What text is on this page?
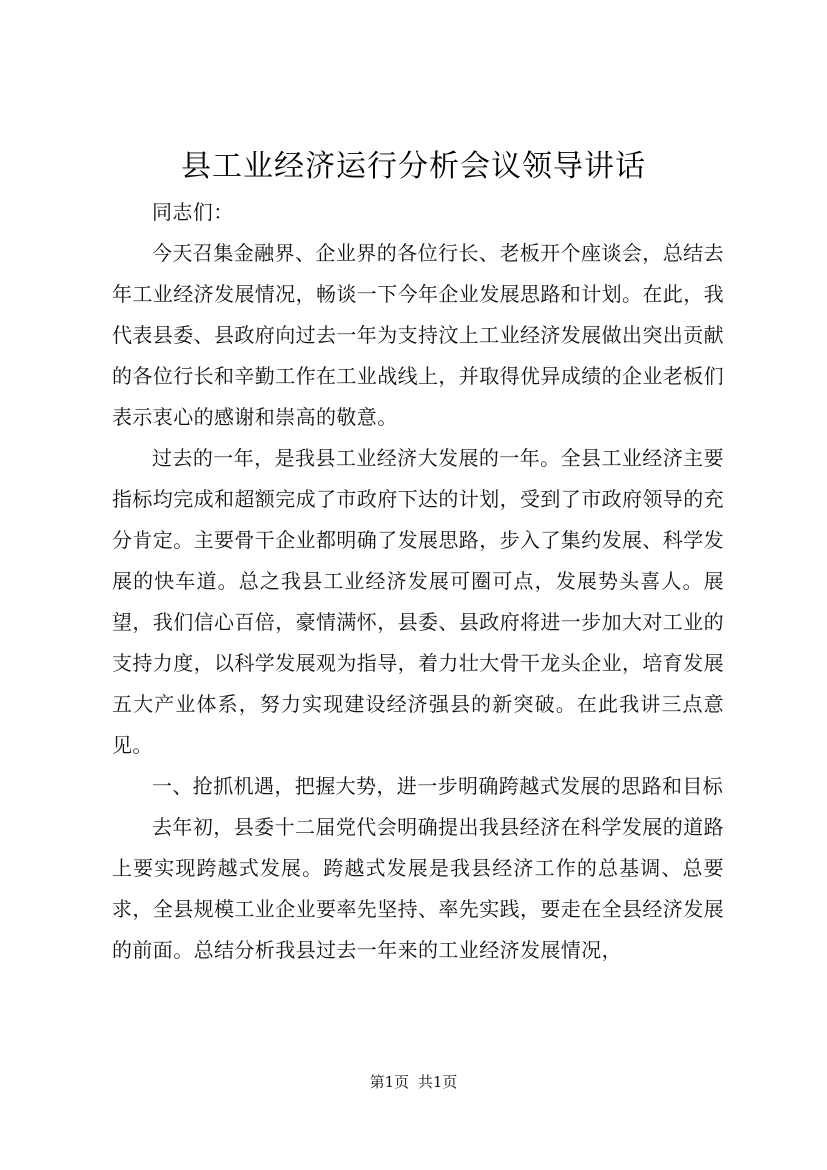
县工业经济运行分析会议领导讲话

同志们：

今天召集金融界、企业界的各位行长、老板开个座谈会，总结去年工业经济发展情况，畅谈一下今年企业发展思路和计划。在此，我代表县委、县政府向过去一年为支持汶上工业经济发展做出突出贡献的各位行长和辛勤工作在工业战线上，并取得优异成绩的企业老板们表示衷心的感谢和崇高的敬意。

过去的一年，是我县工业经济大发展的一年。全县工业经济主要指标均完成和超额完成了市政府下达的计划，受到了市政府领导的充分肯定。主要骨干企业都明确了发展思路，步入了集约发展、科学发展的快车道。总之我县工业经济发展可圈可点，发展势头喜人。展望，我们信心百倍，豪情满怀，县委、县政府将进一步加大对工业的支持力度，以科学发展观为指导，着力壮大骨干龙头企业，培育发展五大产业体系，努力实现建设经济强县的新突破。在此我讲三点意见。

一、抢抓机遇，把握大势，进一步明确跨越式发展的思路和目标

去年初，县委十二届党代会明确提出我县经济在科学发展的道路上要实现跨越式发展。跨越式发展是我县经济工作的总基调、总要求，全县规模工业企业要率先坚持、率先实践，要走在全县经济发展的前面。总结分析我县过去一年来的工业经济发展情况，

第1页 共1页
